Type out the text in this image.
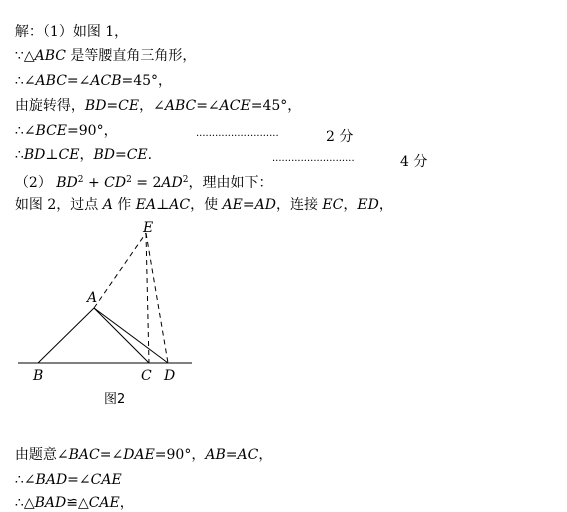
解：（1）如图 1，

∵△ABC 是等腰直角三角形，

∴∠ABC=∠ACB=45°，

由旋转得，BD=CE，∠ABC=∠ACE=45°，

∴∠BCE=90°，

∴BD⊥CE，BD=CE.

··························	2 分

（2） $BD^2 + CD^2 = 2AD^2$，理由如下：

··························	4 分

如图 2，过点 A 作 EA⊥AC，使 AE=AD，连接 EC，ED，

E
A
B	C D
图2

由题意∠BAC=∠DAE=90°，AB=AC，

∴∠BAD=∠CAE

∴△BAD≌△CAE，
